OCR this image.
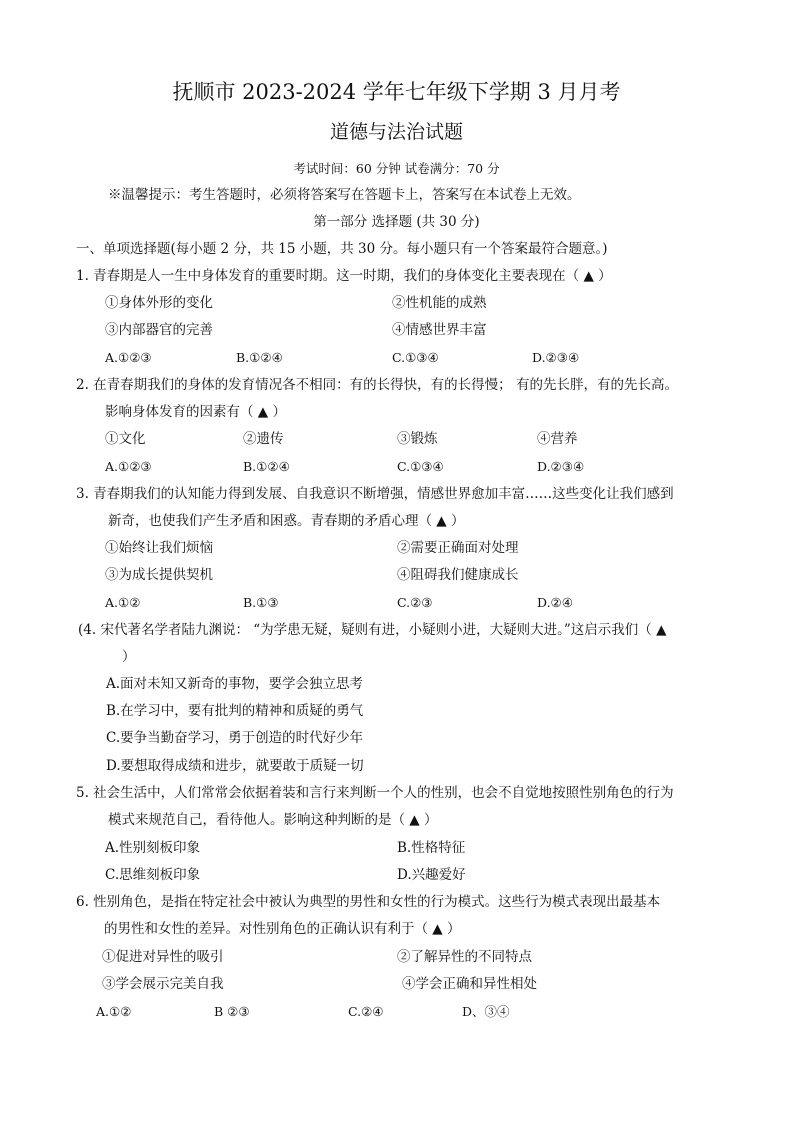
抚顺市 2023-2024 学年七年级下学期 3 月月考
道德与法治试题
考试时间：60 分钟 试卷满分：70 分
※温馨提示：考生答题时，必须将答案写在答题卡上，答案写在本试卷上无效。
第一部分 选择题 (共 30 分)
一、单项选择题(每小题 2 分，共 15 小题，共 30 分。每小题只有一个答案最符合题意。)
1. 青春期是人一生中身体发育的重要时期。这一时期，我们的身体变化主要表现在（ ▲ ）
①身体外形的变化	②性机能的成熟
③内部器官的完善	④情感世界丰富
A.①②③	B.①②④	C.①③④	D.②③④
2. 在青春期我们的身体的发育情况各不相同：有的长得快，有的长得慢； 有的先长胖，有的先长高。
影响身体发育的因素有（ ▲ ）
①文化	②遗传	③锻炼	④营养
A.①②③	B.①②④	C.①③④	D.②③④
3. 青春期我们的认知能力得到发展、自我意识不断增强，情感世界愈加丰富……这些变化让我们感到
新奇，也使我们产生矛盾和困惑。青春期的矛盾心理（ ▲ ）
①始终让我们烦恼	②需要正确面对处理
③为成长提供契机	④阻碍我们健康成长
A.①②	B.①③	C.②③	D.②④
(4. 宋代著名学者陆九渊说： “为学患无疑，疑则有进，小疑则小进，大疑则大进。”这启示我们（ ▲
）
A.面对未知又新奇的事物，要学会独立思考
B.在学习中，要有批判的精神和质疑的勇气
C.要争当勤奋学习，勇于创造的时代好少年
D.要想取得成绩和进步，就要敢于质疑一切
5. 社会生活中，人们常常会依据着装和言行来判断一个人的性别，也会不自觉地按照性别角色的行为
模式来规范自己，看待他人。影响这种判断的是（ ▲ ）
A.性别刻板印象	B.性格特征
C.思维刻板印象	D.兴趣爱好
6. 性别角色，是指在特定社会中被认为典型的男性和女性的行为模式。这些行为模式表现出最基本
的男性和女性的差异。对性别角色的正确认识有利于（ ▲ ）
①促进对异性的吸引	②了解异性的不同特点
③学会展示完美自我	④学会正确和异性相处
A.①②	B ②③	C.②④	D、③④
